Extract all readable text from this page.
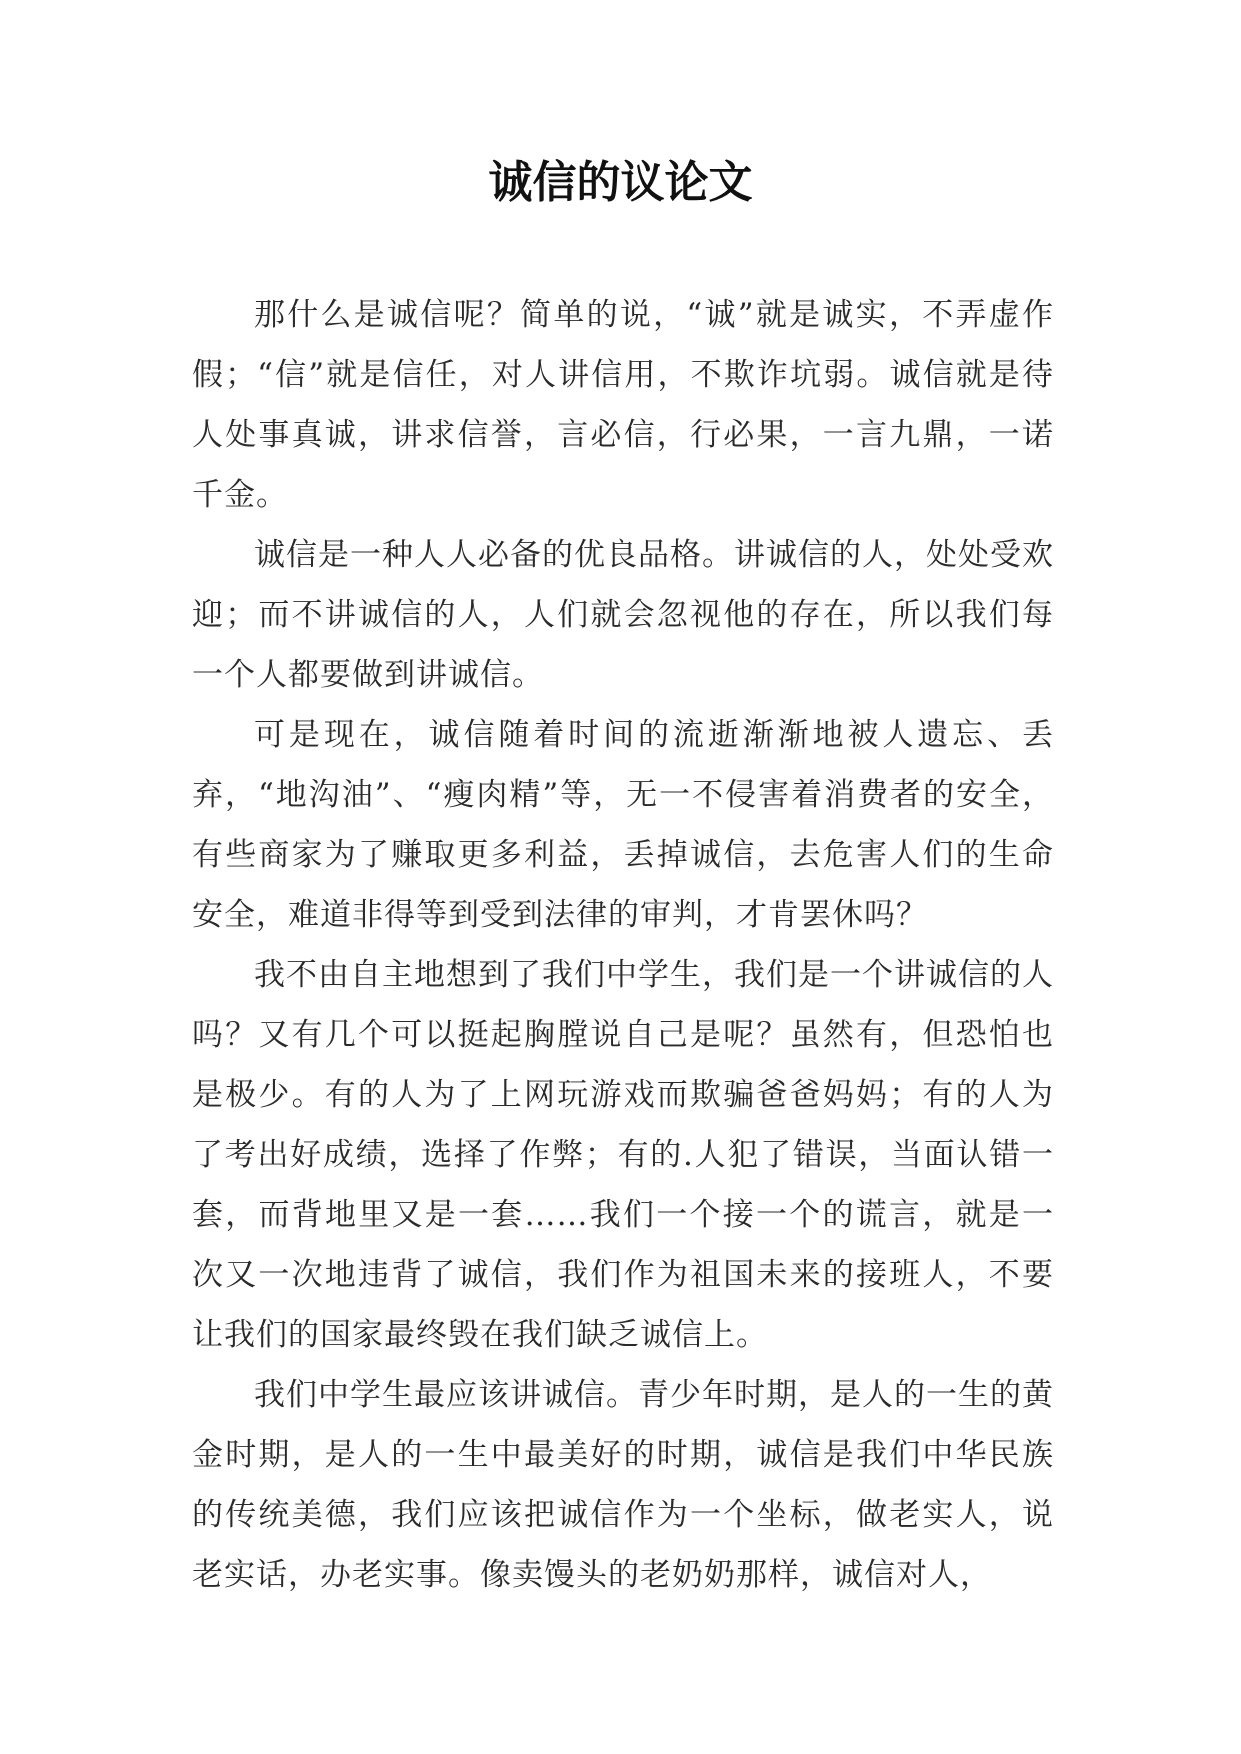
诚信的议论文

那什么是诚信呢？简单的说，“诚”就是诚实，不弄虚作假；“信”就是信任，对人讲信用，不欺诈坑弱。诚信就是待人处事真诚，讲求信誉，言必信，行必果，一言九鼎，一诺千金。

诚信是一种人人必备的优良品格。讲诚信的人，处处受欢迎；而不讲诚信的人，人们就会忽视他的存在，所以我们每一个人都要做到讲诚信。

可是现在，诚信随着时间的流逝渐渐地被人遗忘、丢弃，“地沟油”、“瘦肉精”等，无一不侵害着消费者的安全，有些商家为了赚取更多利益，丢掉诚信，去危害人们的生命安全，难道非得等到受到法律的审判，才肯罢休吗？

我不由自主地想到了我们中学生，我们是一个讲诚信的人吗？又有几个可以挺起胸膛说自己是呢？虽然有，但恐怕也是极少。有的人为了上网玩游戏而欺骗爸爸妈妈；有的人为了考出好成绩，选择了作弊；有的.人犯了错误，当面认错一套，而背地里又是一套……我们一个接一个的谎言，就是一次又一次地违背了诚信，我们作为祖国未来的接班人，不要让我们的国家最终毁在我们缺乏诚信上。

我们中学生最应该讲诚信。青少年时期，是人的一生的黄金时期，是人的一生中最美好的时期，诚信是我们中华民族的传统美德，我们应该把诚信作为一个坐标，做老实人，说老实话，办老实事。像卖馒头的老奶奶那样，诚信对人，
